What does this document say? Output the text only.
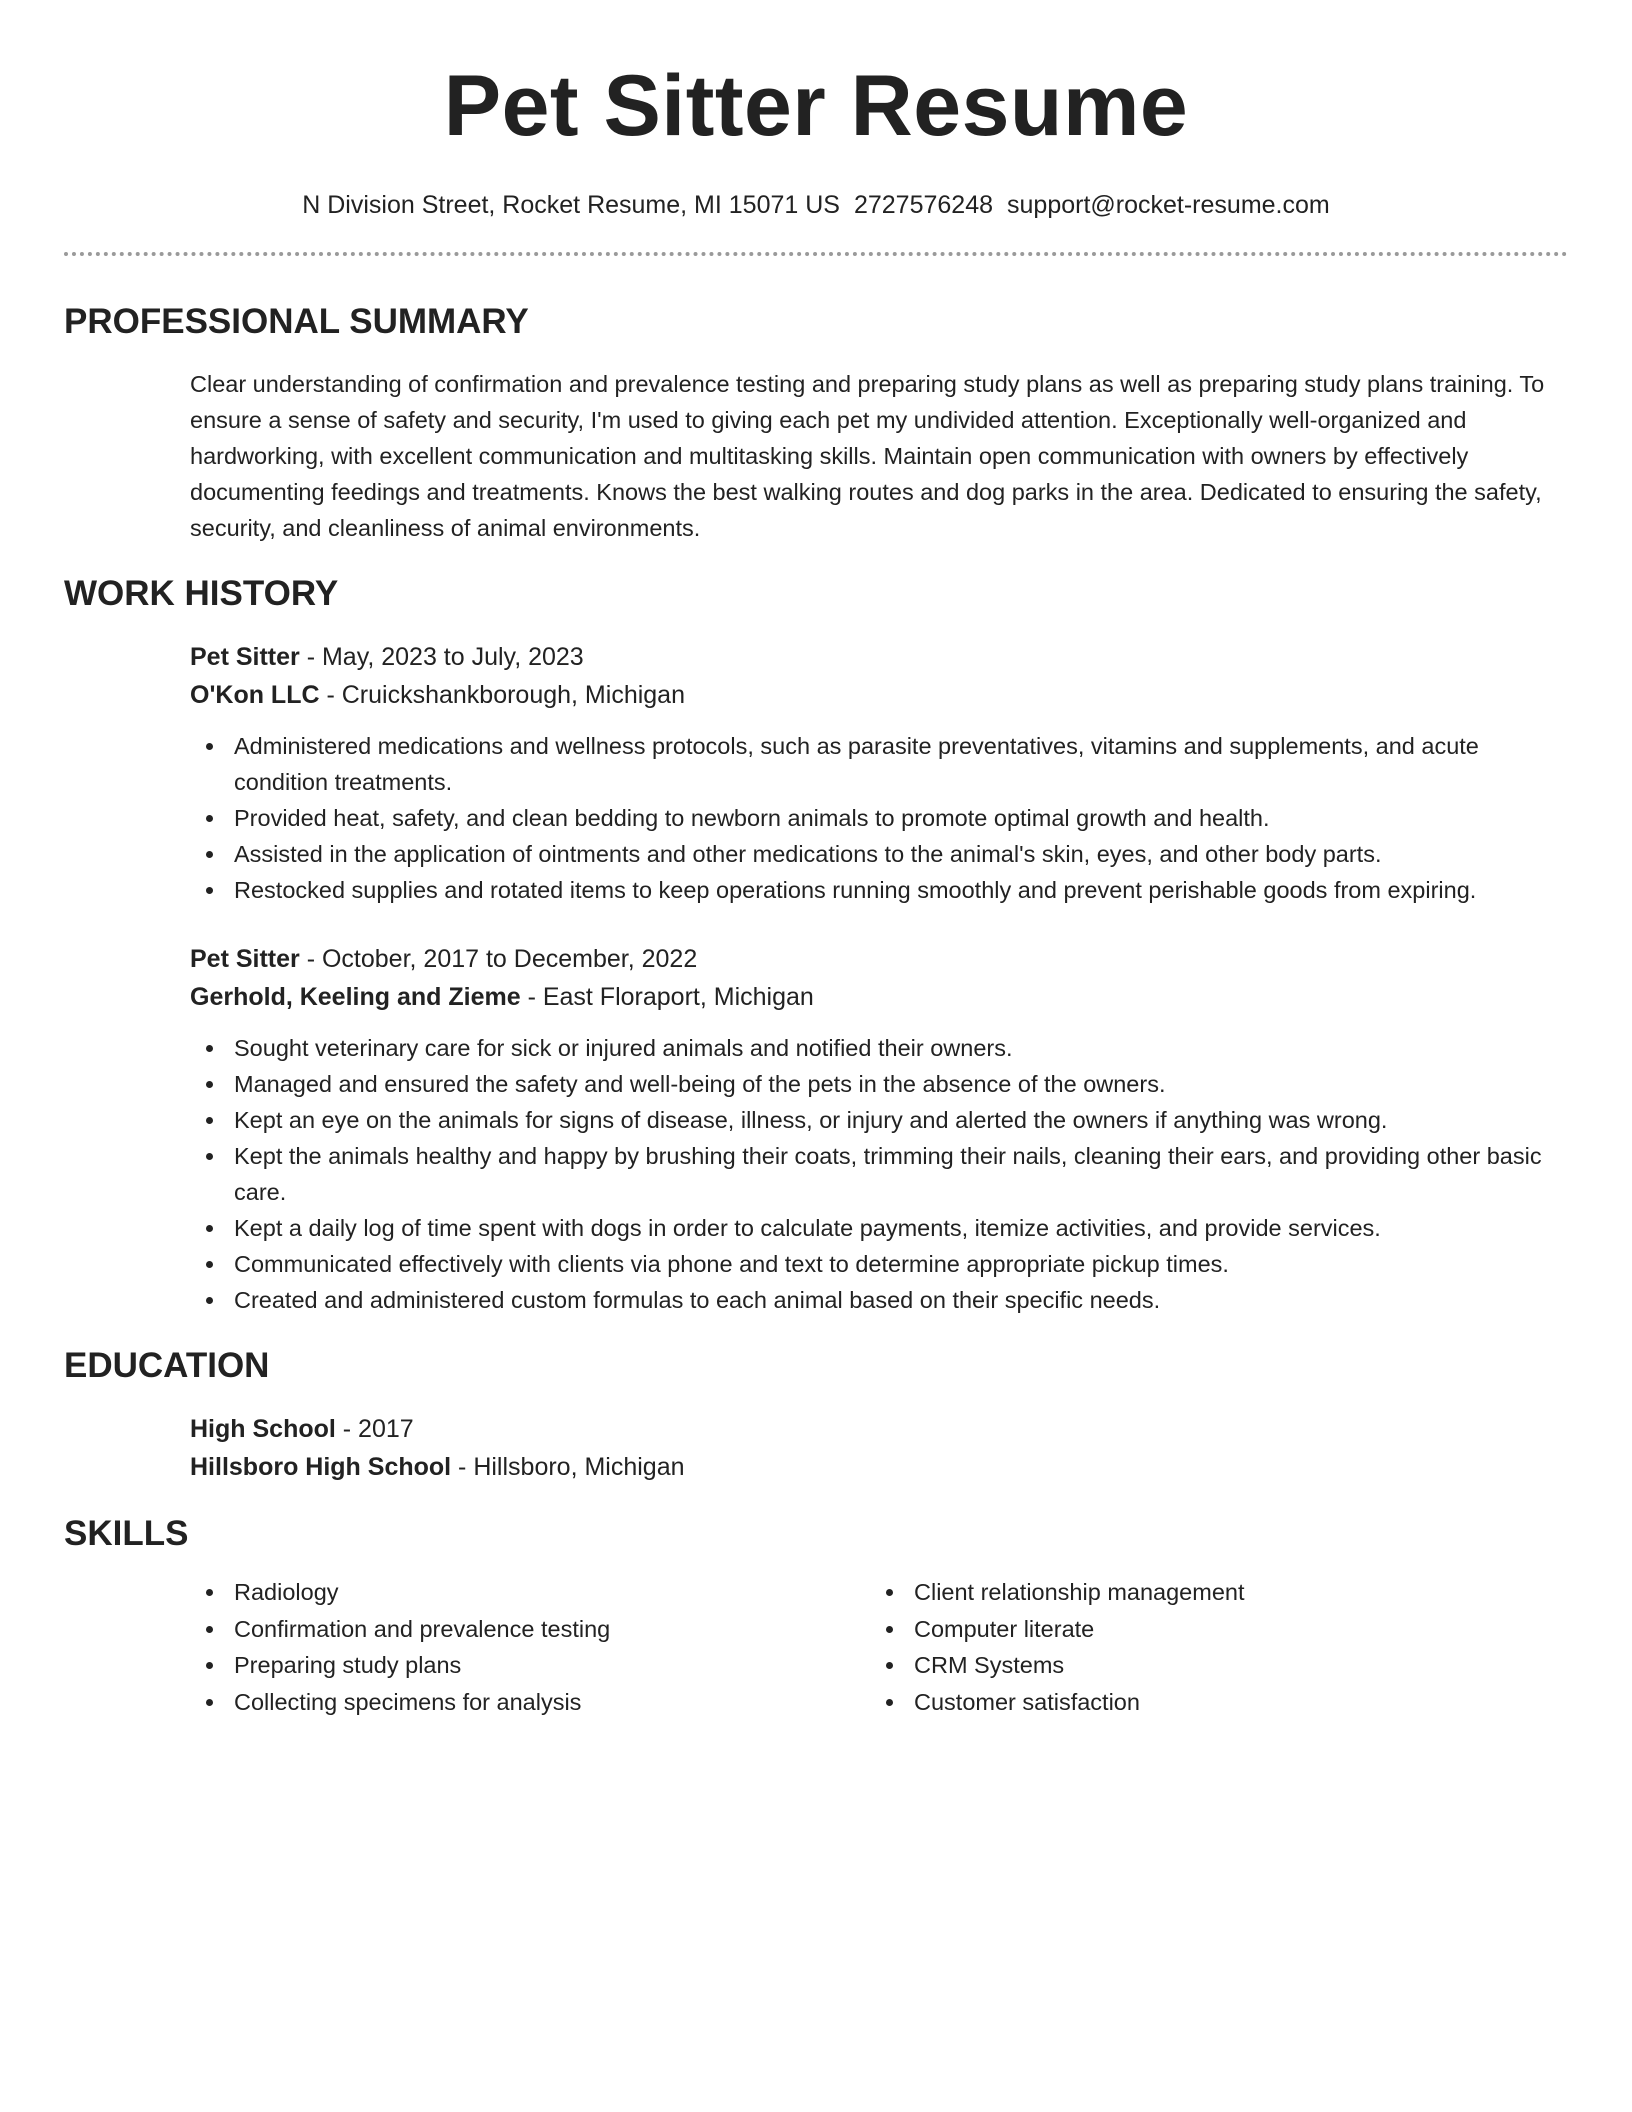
Pet Sitter Resume
N Division Street, Rocket Resume, MI 15071 US 2727576248 support@rocket-resume.com
PROFESSIONAL SUMMARY

Clear understanding of confirmation and prevalence testing and preparing study plans as well as preparing study plans training. To ensure a sense of safety and security, I'm used to giving each pet my undivided attention. Exceptionally well-organized and hardworking, with excellent communication and multitasking skills. Maintain open communication with owners by effectively documenting feedings and treatments. Knows the best walking routes and dog parks in the area. Dedicated to ensuring the safety, security, and cleanliness of animal environments.

WORK HISTORY
Pet Sitter - May, 2023 to July, 2023
O'Kon LLC - Cruickshankborough, Michigan
Administered medications and wellness protocols, such as parasite preventatives, vitamins and supplements, and acute condition treatments.
Provided heat, safety, and clean bedding to newborn animals to promote optimal growth and health.
Assisted in the application of ointments and other medications to the animal's skin, eyes, and other body parts.
Restocked supplies and rotated items to keep operations running smoothly and prevent perishable goods from expiring.
Pet Sitter - October, 2017 to December, 2022
Gerhold, Keeling and Zieme - East Floraport, Michigan
Sought veterinary care for sick or injured animals and notified their owners.
Managed and ensured the safety and well-being of the pets in the absence of the owners.
Kept an eye on the animals for signs of disease, illness, or injury and alerted the owners if anything was wrong.
Kept the animals healthy and happy by brushing their coats, trimming their nails, cleaning their ears, and providing other basic care.
Kept a daily log of time spent with dogs in order to calculate payments, itemize activities, and provide services.
Communicated effectively with clients via phone and text to determine appropriate pickup times.
Created and administered custom formulas to each animal based on their specific needs.
EDUCATION
High School - 2017
Hillsboro High School - Hillsboro, Michigan
SKILLS
Radiology
Confirmation and prevalence testing
Preparing study plans
Collecting specimens for analysis
Client relationship management
Computer literate
CRM Systems
Customer satisfaction
